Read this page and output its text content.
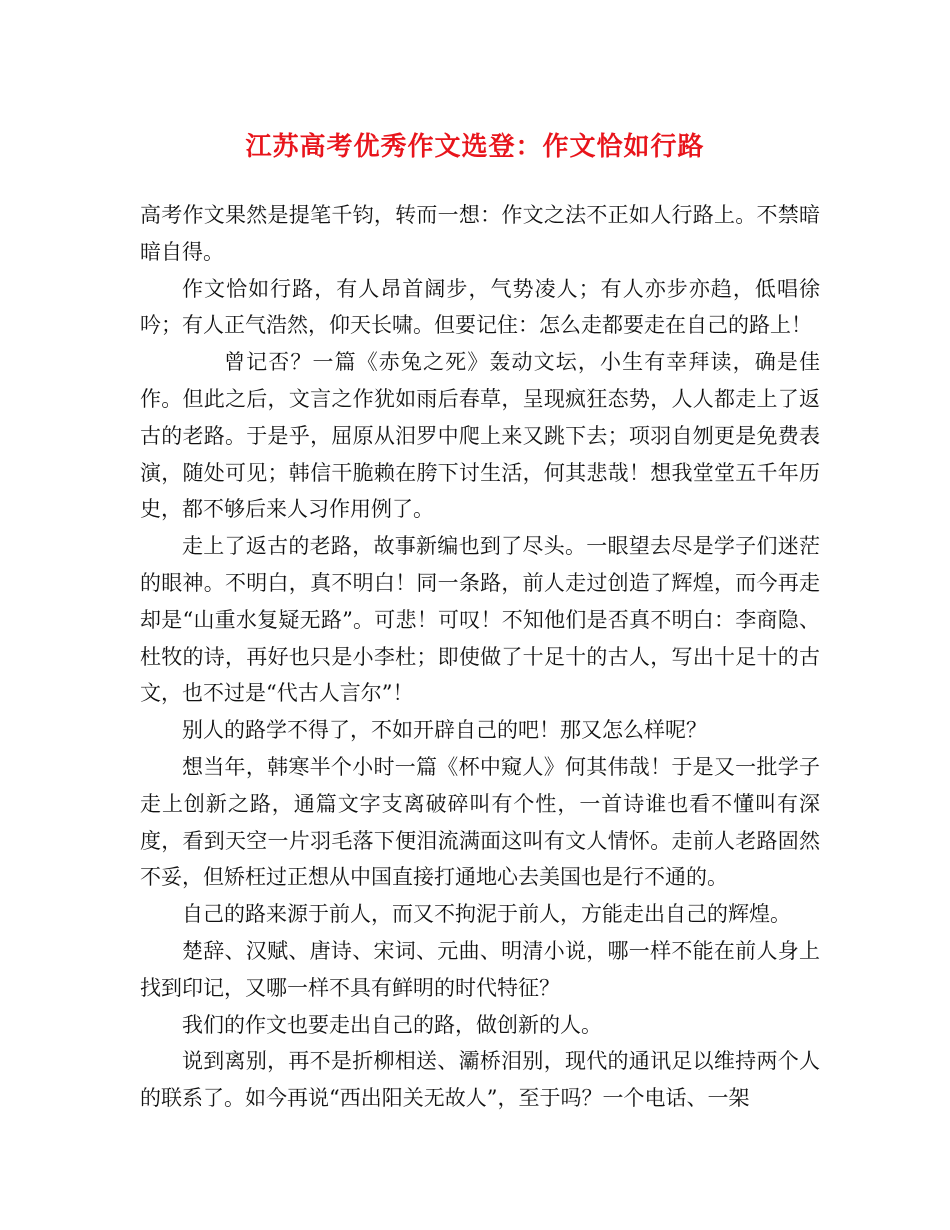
江苏高考优秀作文选登：作文恰如行路

高考作文果然是提笔千钧，转而一想：作文之法不正如人行路上。不禁暗暗自得。

作文恰如行路，有人昂首阔步，气势凌人；有人亦步亦趋，低唱徐吟；有人正气浩然，仰天长啸。但要记住：怎么走都要走在自己的路上！

曾记否？一篇《赤兔之死》轰动文坛，小生有幸拜读，确是佳作。但此之后，文言之作犹如雨后春草，呈现疯狂态势，人人都走上了返古的老路。于是乎，屈原从汨罗中爬上来又跳下去；项羽自刎更是免费表演，随处可见；韩信干脆赖在胯下讨生活，何其悲哉！想我堂堂五千年历史，都不够后来人习作用例了。

走上了返古的老路，故事新编也到了尽头。一眼望去尽是学子们迷茫的眼神。不明白，真不明白！同一条路，前人走过创造了辉煌，而今再走却是“山重水复疑无路”。可悲！可叹！不知他们是否真不明白：李商隐、杜牧的诗，再好也只是小李杜；即使做了十足十的古人，写出十足十的古文，也不过是“代古人言尔”！

别人的路学不得了，不如开辟自己的吧！那又怎么样呢？

想当年，韩寒半个小时一篇《杯中窥人》何其伟哉！于是又一批学子走上创新之路，通篇文字支离破碎叫有个性，一首诗谁也看不懂叫有深度，看到天空一片羽毛落下便泪流满面这叫有文人情怀。走前人老路固然不妥，但矫枉过正想从中国直接打通地心去美国也是行不通的。

自己的路来源于前人，而又不拘泥于前人，方能走出自己的辉煌。

楚辞、汉赋、唐诗、宋词、元曲、明清小说，哪一样不能在前人身上找到印记，又哪一样不具有鲜明的时代特征？

我们的作文也要走出自己的路，做创新的人。

说到离别，再不是折柳相送、灞桥泪别，现代的通讯足以维持两个人的联系了。如今再说“西出阳关无故人”，至于吗？一个电话、一架
